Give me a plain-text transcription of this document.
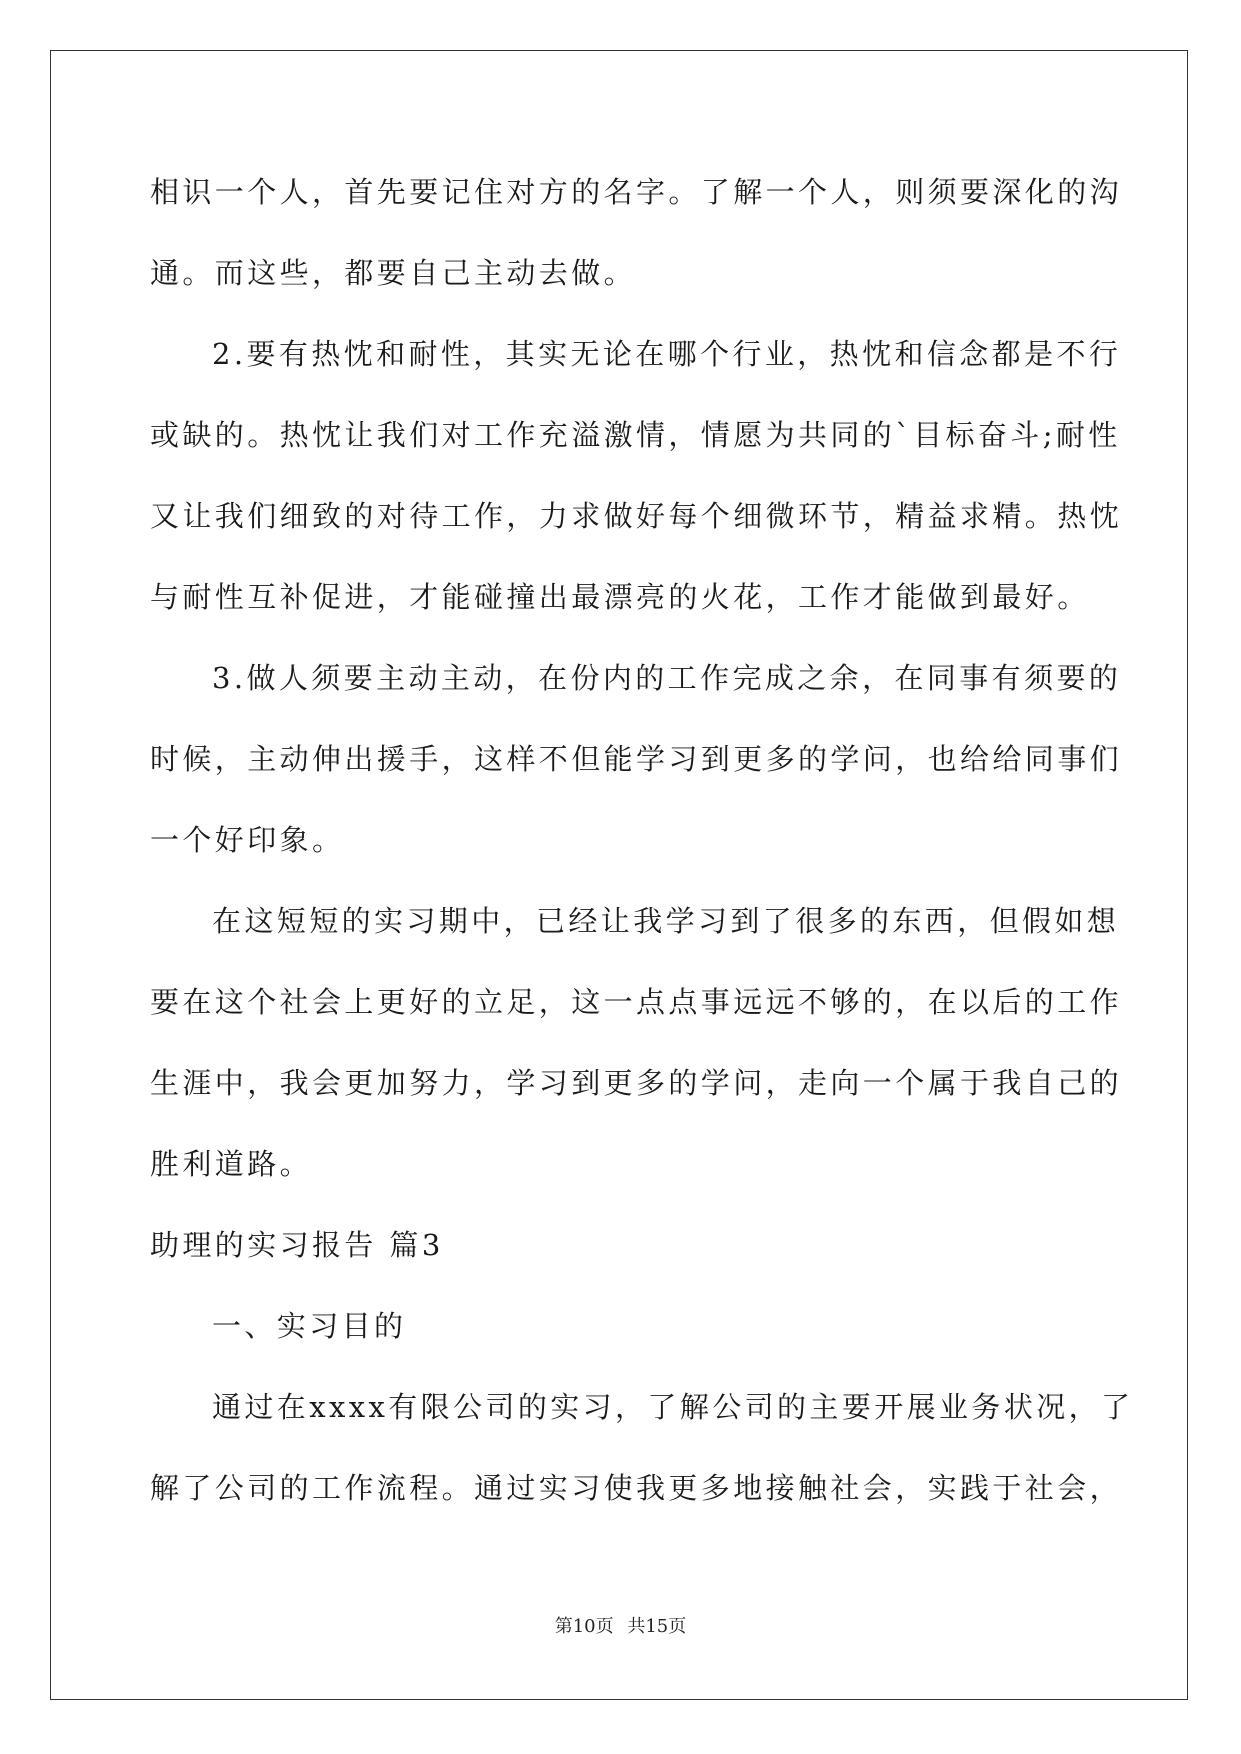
相识一个人，首先要记住对方的名字。了解一个人，则须要深化的沟
通。而这些，都要自己主动去做。
2.要有热忱和耐性，其实无论在哪个行业，热忱和信念都是不行
或缺的。热忱让我们对工作充溢激情，情愿为共同的`目标奋斗;耐性
又让我们细致的对待工作，力求做好每个细微环节，精益求精。热忱
与耐性互补促进，才能碰撞出最漂亮的火花，工作才能做到最好。
3.做人须要主动主动，在份内的工作完成之余，在同事有须要的
时候，主动伸出援手，这样不但能学习到更多的学问，也给给同事们
一个好印象。
在这短短的实习期中，已经让我学习到了很多的东西，但假如想
要在这个社会上更好的立足，这一点点事远远不够的，在以后的工作
生涯中，我会更加努力，学习到更多的学问，走向一个属于我自己的
胜利道路。
助理的实习报告 篇3
一、实习目的
通过在xxxx有限公司的实习，了解公司的主要开展业务状况，了
解了公司的工作流程。通过实习使我更多地接触社会，实践于社会，
第10页 共15页
